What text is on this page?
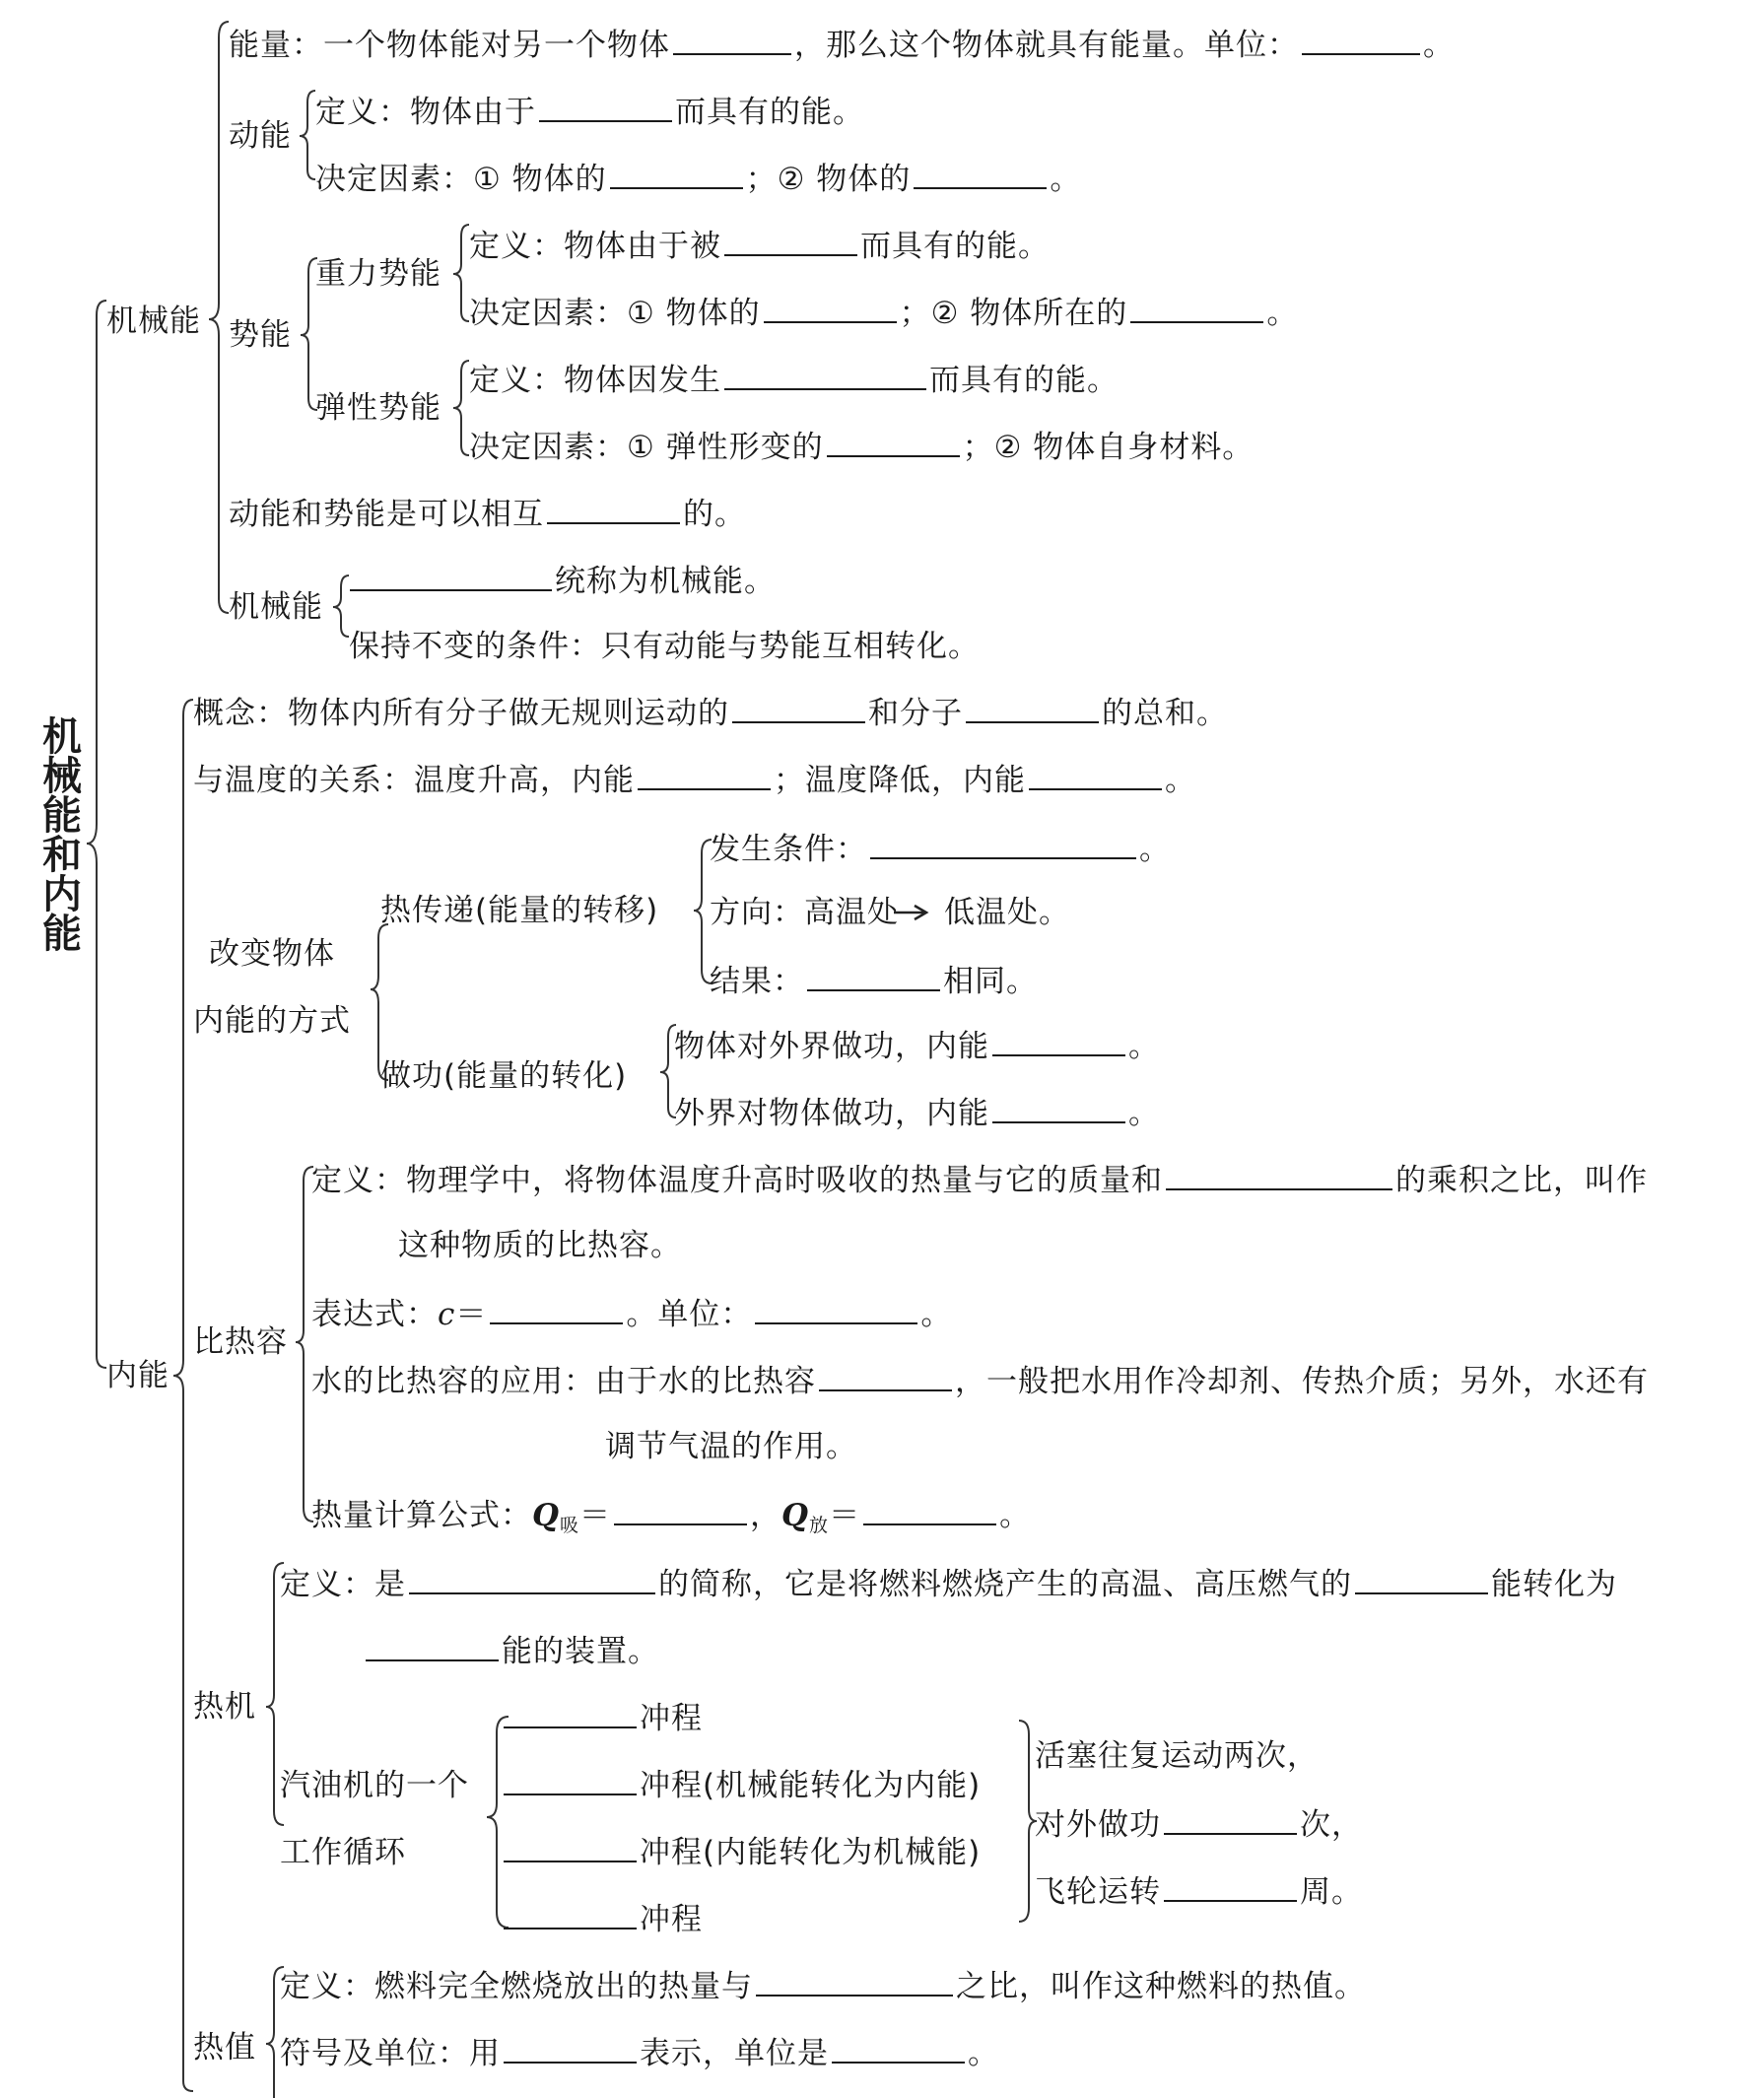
机
械
能
和
内
能
机械能
能量：一个物体能对另一个物体	，那么这个物体就具有能量。单位：	。
动能
定义：物体由于	而具有的能。
决定因素：① 物体的	；② 物体的	。
势能
重力势能
定义：物体由于被	而具有的能。
决定因素：① 物体的	；② 物体所在的	。
弹性势能
定义：物体因发生	而具有的能。
决定因素：① 弹性形变的	；② 物体自身材料。
动能和势能是可以相互	的。
机械能
统称为机械能。
保持不变的条件：只有动能与势能互相转化。
内能
概念：物体内所有分子做无规则运动的	和分子	的总和。
与温度的关系：温度升高，内能	；温度降低，内能	。
改变物体
内能的方式
热传递(能量的转移)
发生条件：	。
方向：高温处 低温处。
结果：	相同。
做功(能量的转化)
物体对外界做功，内能	。
外界对物体做功，内能	。
比热容
定义：物理学中，将物体温度升高时吸收的热量与它的质量和	的乘积之比，叫作
这种物质的比热容。
表达式：c＝	。单位：	。
水的比热容的应用：由于水的比热容	，一般把水用作冷却剂、传热介质；另外，水还有
调节气温的作用。
热量计算公式：$Q_吸=$	，$Q_放=$	。
热机
定义：是	的简称，它是将燃料燃烧产生的高温、高压燃气的	能转化为
能的装置。
汽油机的一个
工作循环
冲程
冲程(机械能转化为内能)
冲程(内能转化为机械能)
冲程
活塞往复运动两次，
对外做功	次，
飞轮运转	周。
热值
定义：燃料完全燃烧放出的热量与	之比，叫作这种燃料的热值。
符号及单位：用	表示，单位是	。
